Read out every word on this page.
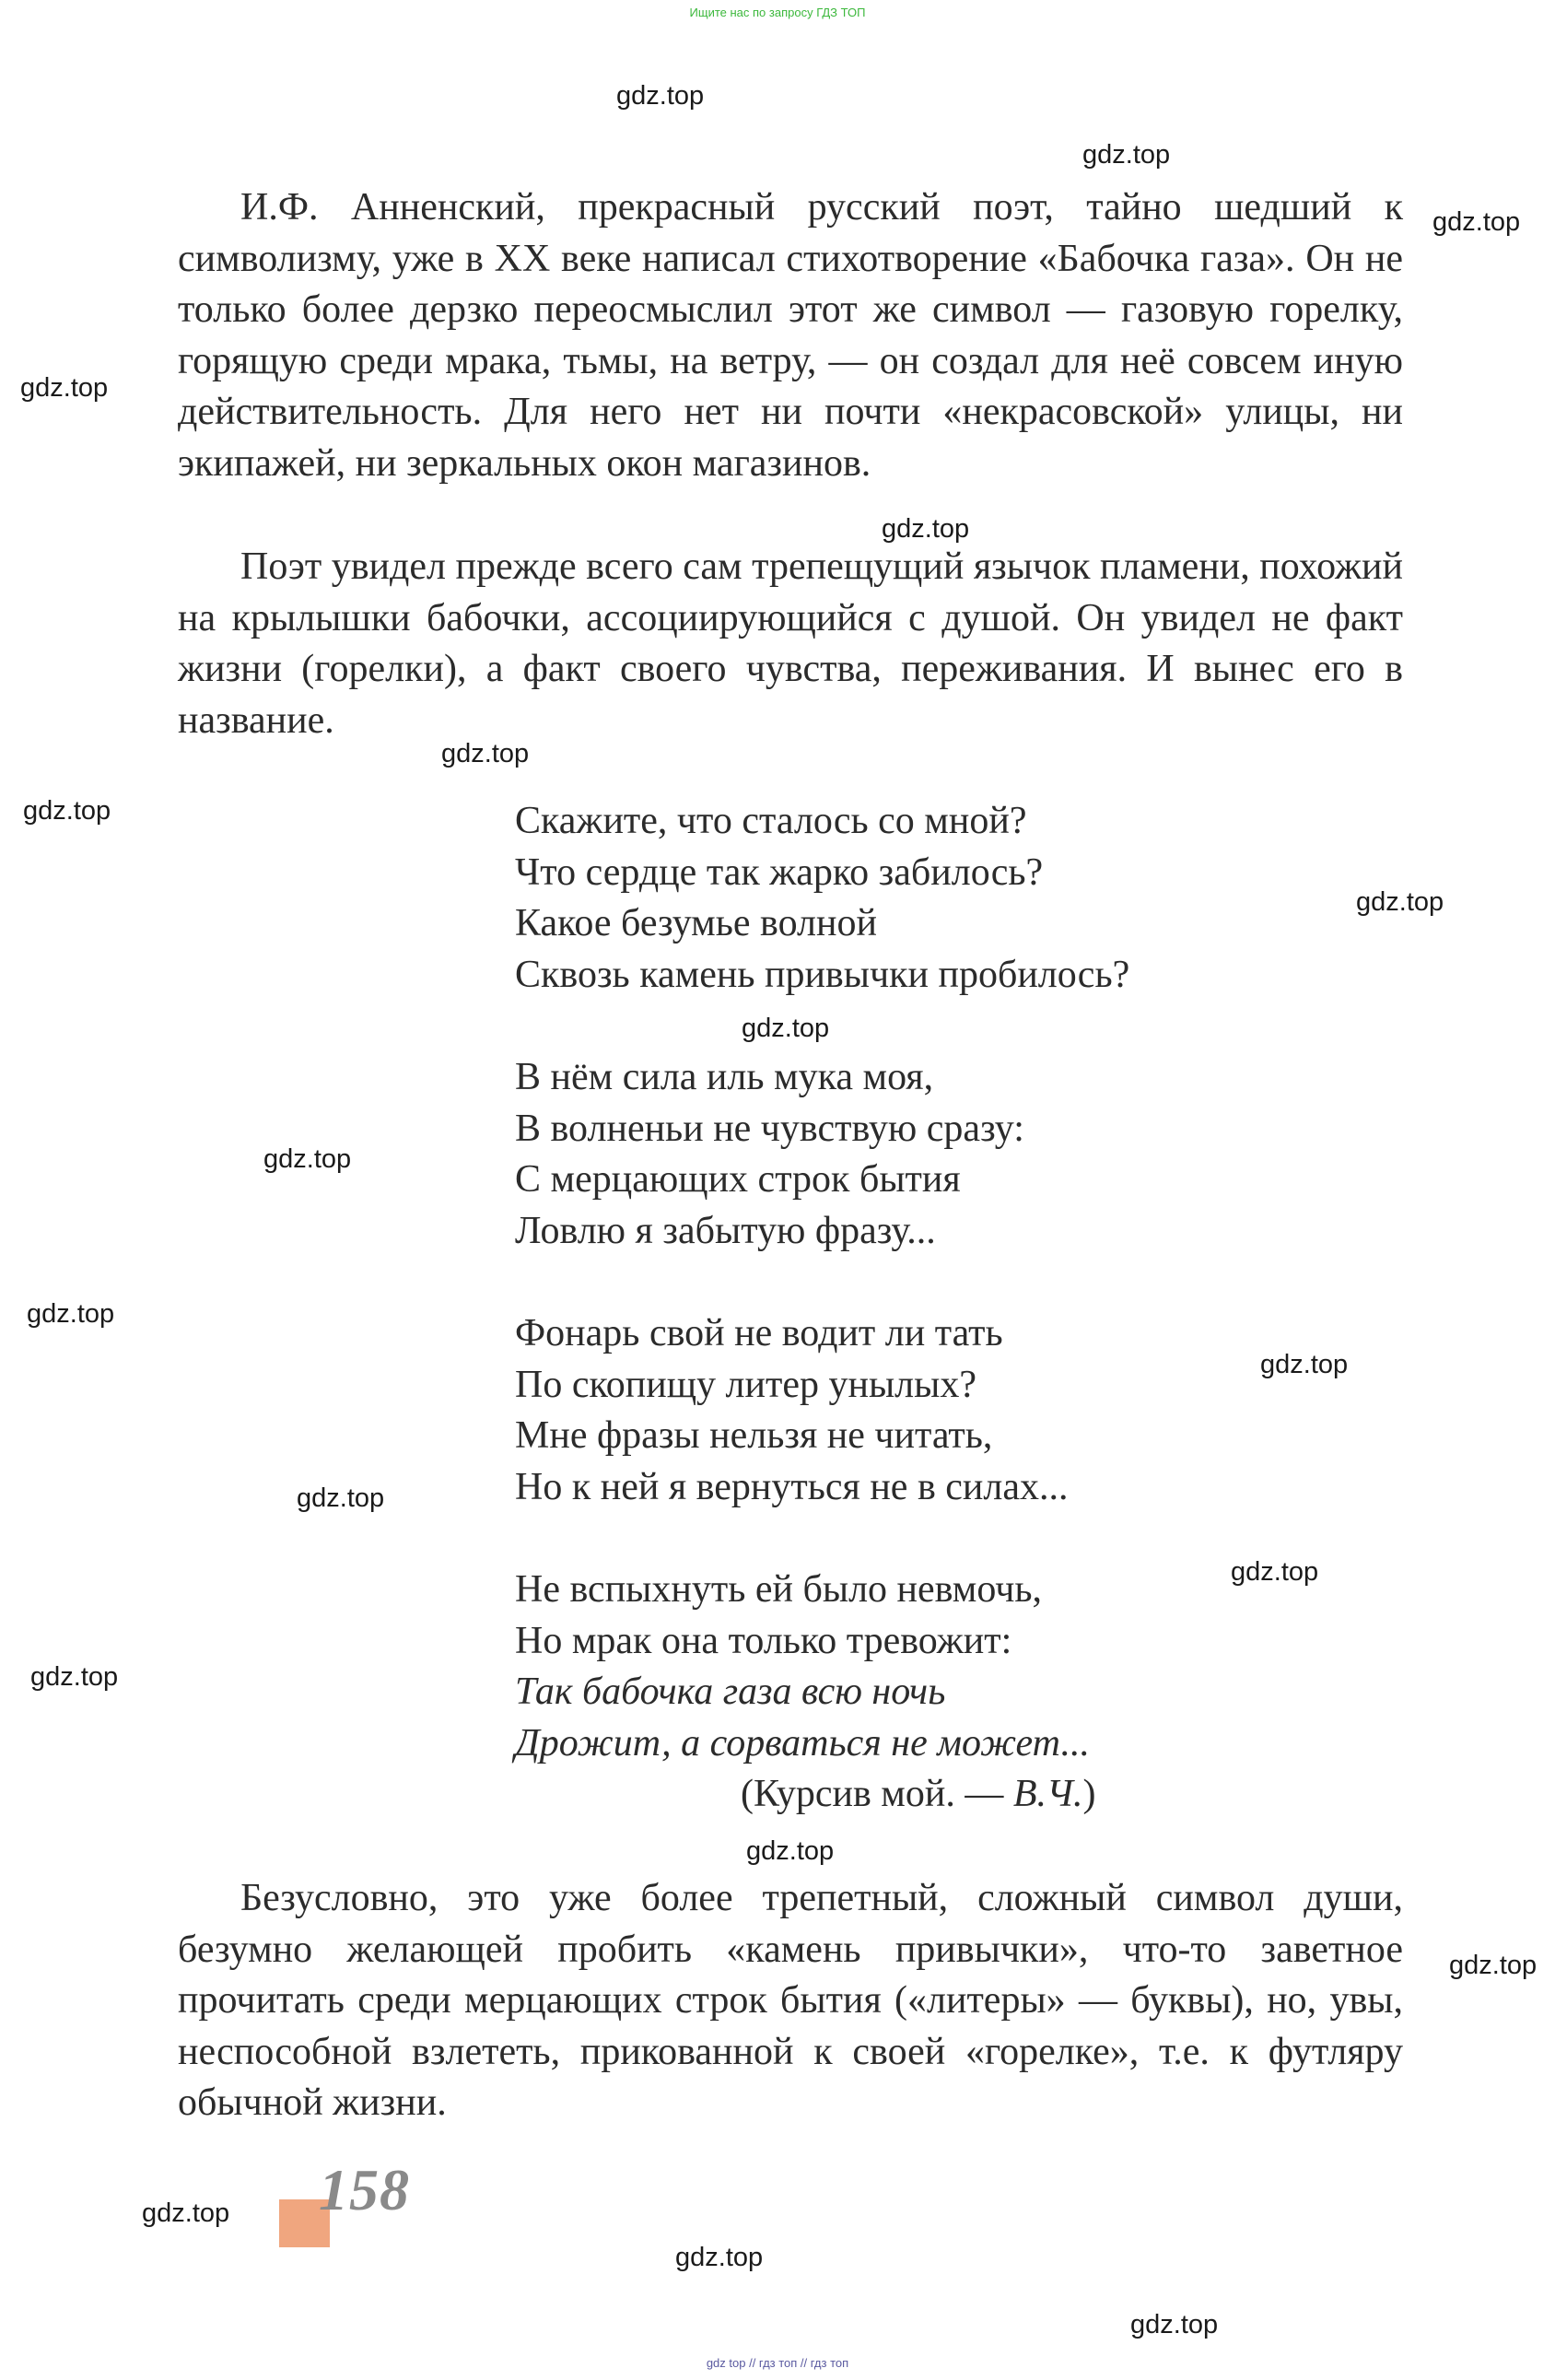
Ищите нас по запросу ГДЗ ТОП
gdz.top
gdz.top
gdz.top
gdz.top
gdz.top
gdz.top
gdz.top
gdz.top
gdz.top
gdz.top
gdz.top
gdz.top
gdz.top
gdz.top
gdz.top
gdz.top
gdz.top
gdz.top
gdz.top
gdz.top

И.Ф. Анненский, прекрасный русский поэт, тайно шедший к символизму, уже в XX веке написал стихотворение «Бабочка газа». Он не только более дерзко переосмыслил этот же символ — газовую горелку, горящую среди мрака, тьмы, на ветру, — он создал для неё совсем иную действительность. Для него нет ни почти «некрасовской» улицы, ни экипажей, ни зеркальных окон магазинов.

Поэт увидел прежде всего сам трепещущий язычок пламени, похожий на крылышки бабочки, ассоциирующийся с душой. Он увидел не факт жизни (горелки), а факт своего чувства, переживания. И вынес его в название.

Скажите, что сталось со мной?
Что сердце так жарко забилось?
Какое безумье волной
Сквозь камень привычки пробилось?
В нём сила иль мука моя,
В волненьи не чувствую сразу:
С мерцающих строк бытия
Ловлю я забытую фразу...
Фонарь свой не водит ли тать
По скопищу литер унылых?
Мне фразы нельзя не читать,
Но к ней я вернуться не в силах...
Не вспыхнуть ей было невмочь,
Но мрак она только тревожит:
Так бабочка газа всю ночь
Дрожит, а сорваться не может...
(Курсив мой. — В.Ч.)

Безусловно, это уже более трепетный, сложный символ души, безумно желающей пробить «камень привычки», что-то заветное прочитать среди мерцающих строк бытия («литеры» — буквы), но, увы, неспособной взлететь, прикованной к своей «горелке», т.е. к футляру обычной жизни.

158
gdz top // гдз топ // гдз топ
